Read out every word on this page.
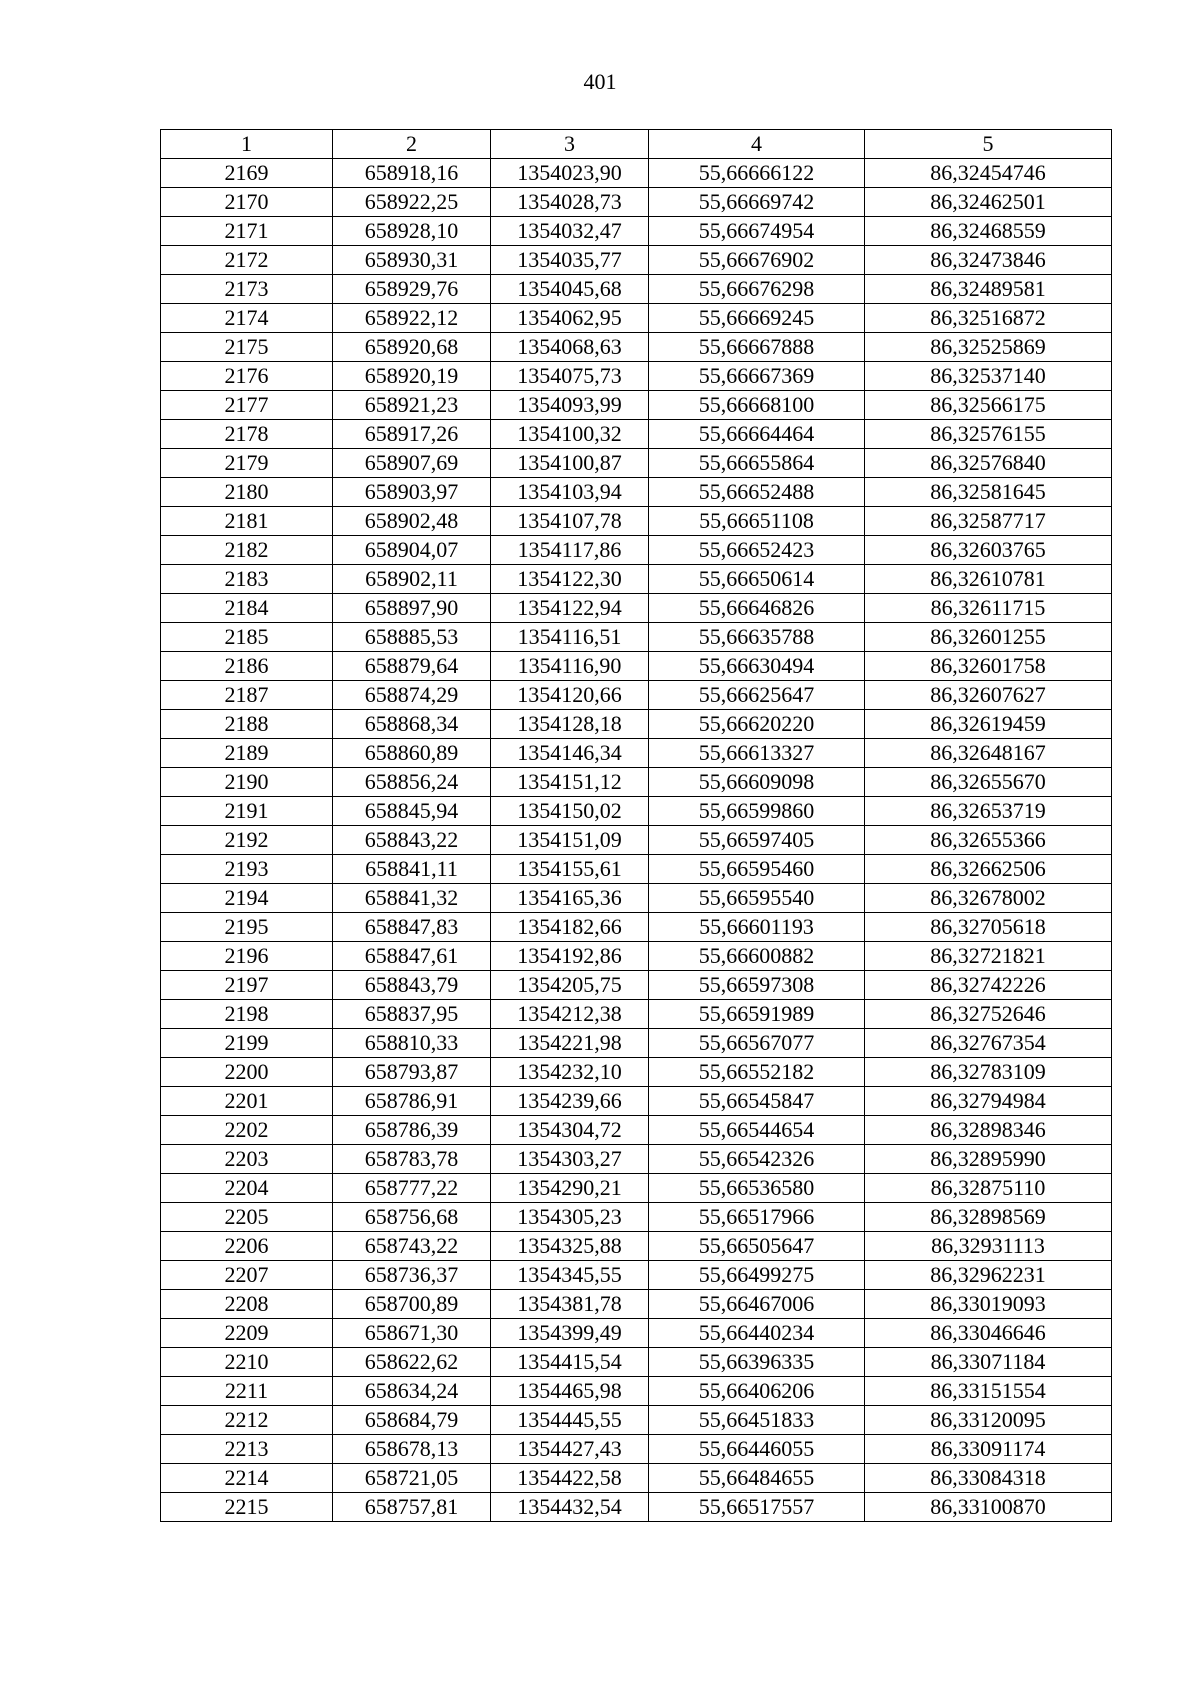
401
1	2	3	4	5
2169	658918,16	1354023,90	55,66666122	86,32454746
2170	658922,25	1354028,73	55,66669742	86,32462501
2171	658928,10	1354032,47	55,66674954	86,32468559
2172	658930,31	1354035,77	55,66676902	86,32473846
2173	658929,76	1354045,68	55,66676298	86,32489581
2174	658922,12	1354062,95	55,66669245	86,32516872
2175	658920,68	1354068,63	55,66667888	86,32525869
2176	658920,19	1354075,73	55,66667369	86,32537140
2177	658921,23	1354093,99	55,66668100	86,32566175
2178	658917,26	1354100,32	55,66664464	86,32576155
2179	658907,69	1354100,87	55,66655864	86,32576840
2180	658903,97	1354103,94	55,66652488	86,32581645
2181	658902,48	1354107,78	55,66651108	86,32587717
2182	658904,07	1354117,86	55,66652423	86,32603765
2183	658902,11	1354122,30	55,66650614	86,32610781
2184	658897,90	1354122,94	55,66646826	86,32611715
2185	658885,53	1354116,51	55,66635788	86,32601255
2186	658879,64	1354116,90	55,66630494	86,32601758
2187	658874,29	1354120,66	55,66625647	86,32607627
2188	658868,34	1354128,18	55,66620220	86,32619459
2189	658860,89	1354146,34	55,66613327	86,32648167
2190	658856,24	1354151,12	55,66609098	86,32655670
2191	658845,94	1354150,02	55,66599860	86,32653719
2192	658843,22	1354151,09	55,66597405	86,32655366
2193	658841,11	1354155,61	55,66595460	86,32662506
2194	658841,32	1354165,36	55,66595540	86,32678002
2195	658847,83	1354182,66	55,66601193	86,32705618
2196	658847,61	1354192,86	55,66600882	86,32721821
2197	658843,79	1354205,75	55,66597308	86,32742226
2198	658837,95	1354212,38	55,66591989	86,32752646
2199	658810,33	1354221,98	55,66567077	86,32767354
2200	658793,87	1354232,10	55,66552182	86,32783109
2201	658786,91	1354239,66	55,66545847	86,32794984
2202	658786,39	1354304,72	55,66544654	86,32898346
2203	658783,78	1354303,27	55,66542326	86,32895990
2204	658777,22	1354290,21	55,66536580	86,32875110
2205	658756,68	1354305,23	55,66517966	86,32898569
2206	658743,22	1354325,88	55,66505647	86,32931113
2207	658736,37	1354345,55	55,66499275	86,32962231
2208	658700,89	1354381,78	55,66467006	86,33019093
2209	658671,30	1354399,49	55,66440234	86,33046646
2210	658622,62	1354415,54	55,66396335	86,33071184
2211	658634,24	1354465,98	55,66406206	86,33151554
2212	658684,79	1354445,55	55,66451833	86,33120095
2213	658678,13	1354427,43	55,66446055	86,33091174
2214	658721,05	1354422,58	55,66484655	86,33084318
2215	658757,81	1354432,54	55,66517557	86,33100870
